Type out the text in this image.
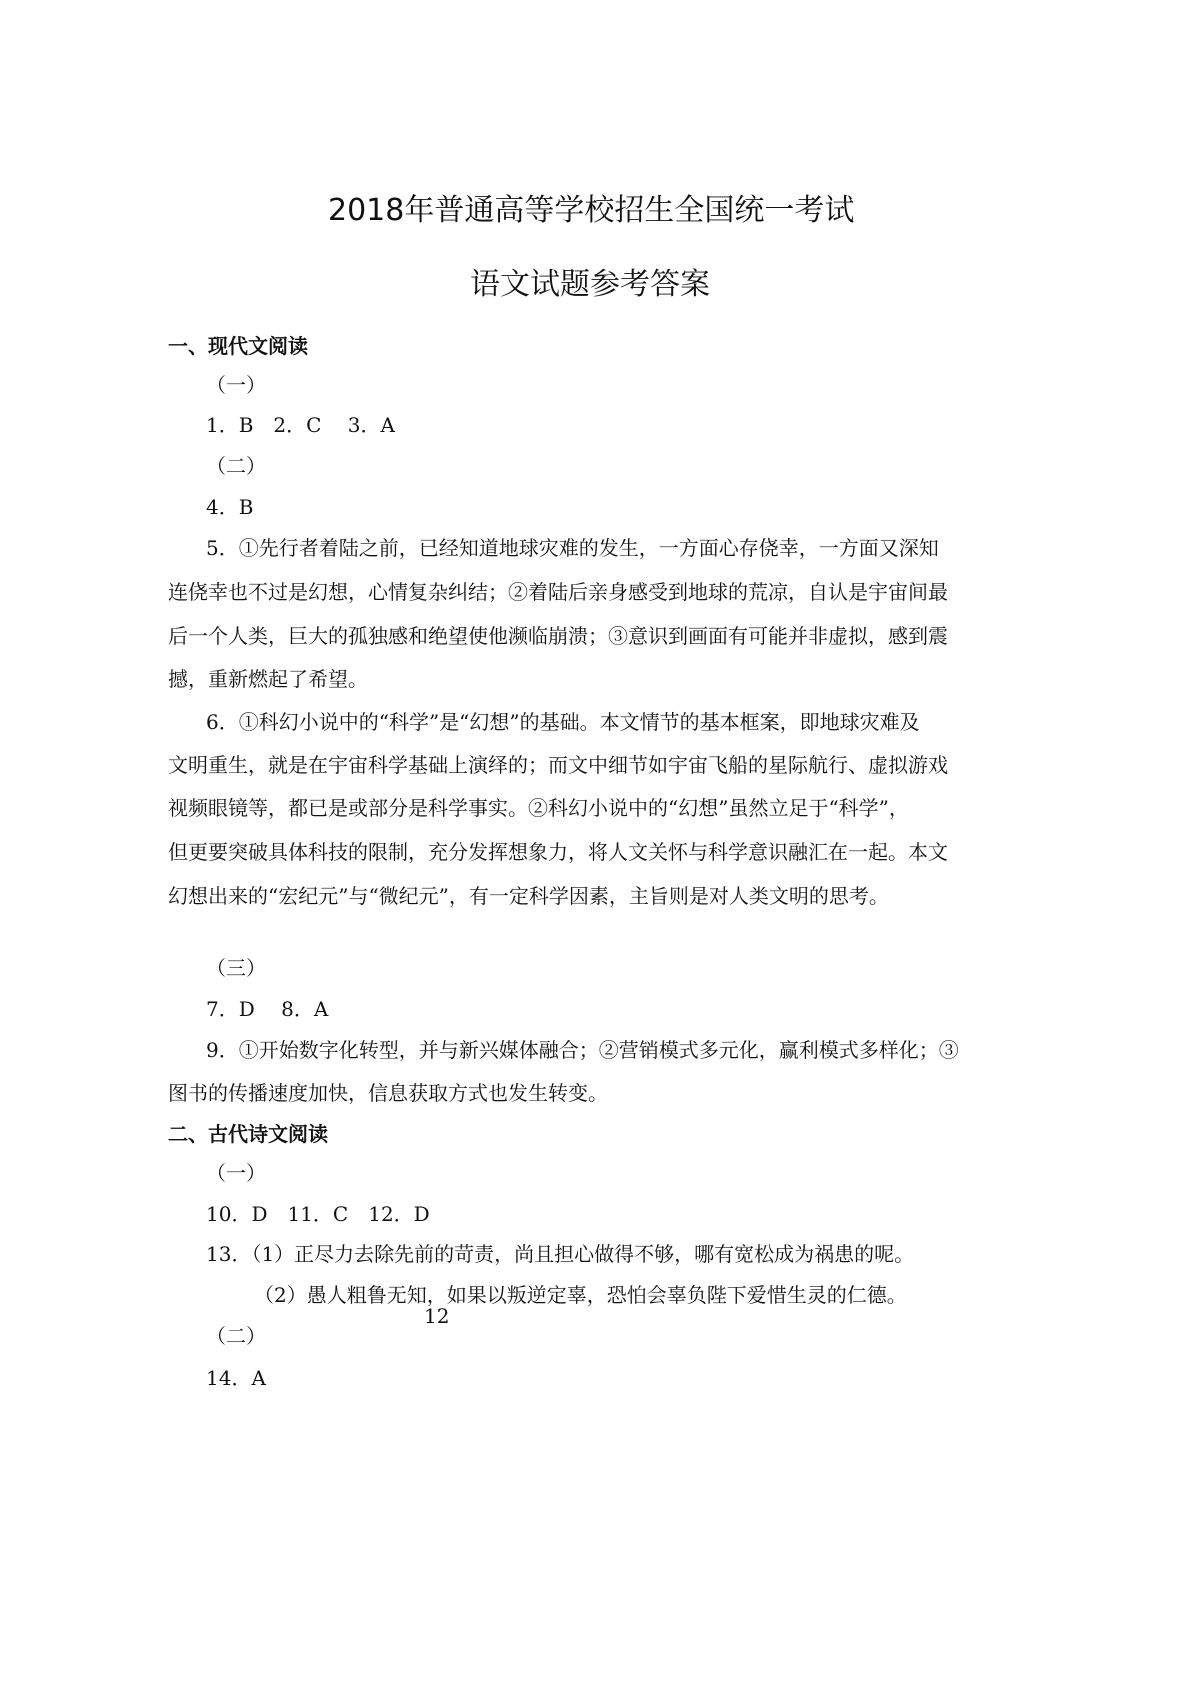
2018年普通高等学校招生全国统一考试
语文试题参考答案
一、现代文阅读
（一）
1．B　2．C　 3．A
（二）
4．B
5．①先行者着陆之前，已经知道地球灾难的发生，一方面心存侥幸，一方面又深知
连侥幸也不过是幻想，心情复杂纠结；②着陆后亲身感受到地球的荒凉，自认是宇宙间最
后一个人类，巨大的孤独感和绝望使他濒临崩溃；③意识到画面有可能并非虚拟，感到震
撼，重新燃起了希望。
6．①科幻小说中的“科学”是“幻想”的基础。本文情节的基本框案，即地球灾难及
文明重生，就是在宇宙科学基础上演绎的；而文中细节如宇宙飞船的星际航行、虚拟游戏
视频眼镜等，都已是或部分是科学事实。②科幻小说中的“幻想”虽然立足于“科学”，
但更要突破具体科技的限制，充分发挥想象力，将人文关怀与科学意识融汇在一起。本文
幻想出来的“宏纪元”与“微纪元”，有一定科学因素，主旨则是对人类文明的思考。
（三）
7．D　 8．A
9．①开始数字化转型，并与新兴媒体融合；②营销模式多元化，赢利模式多样化；③
图书的传播速度加快，信息获取方式也发生转变。
二、古代诗文阅读
（一）
10．D　11．C　12．D
13．（1）正尽力去除先前的苛责，尚且担心做得不够，哪有宽松成为祸患的呢。
（2）愚人粗鲁无知，如果以叛逆定辜，恐怕会辜负陛下爱惜生灵的仁德。
12
（二）
14．A
